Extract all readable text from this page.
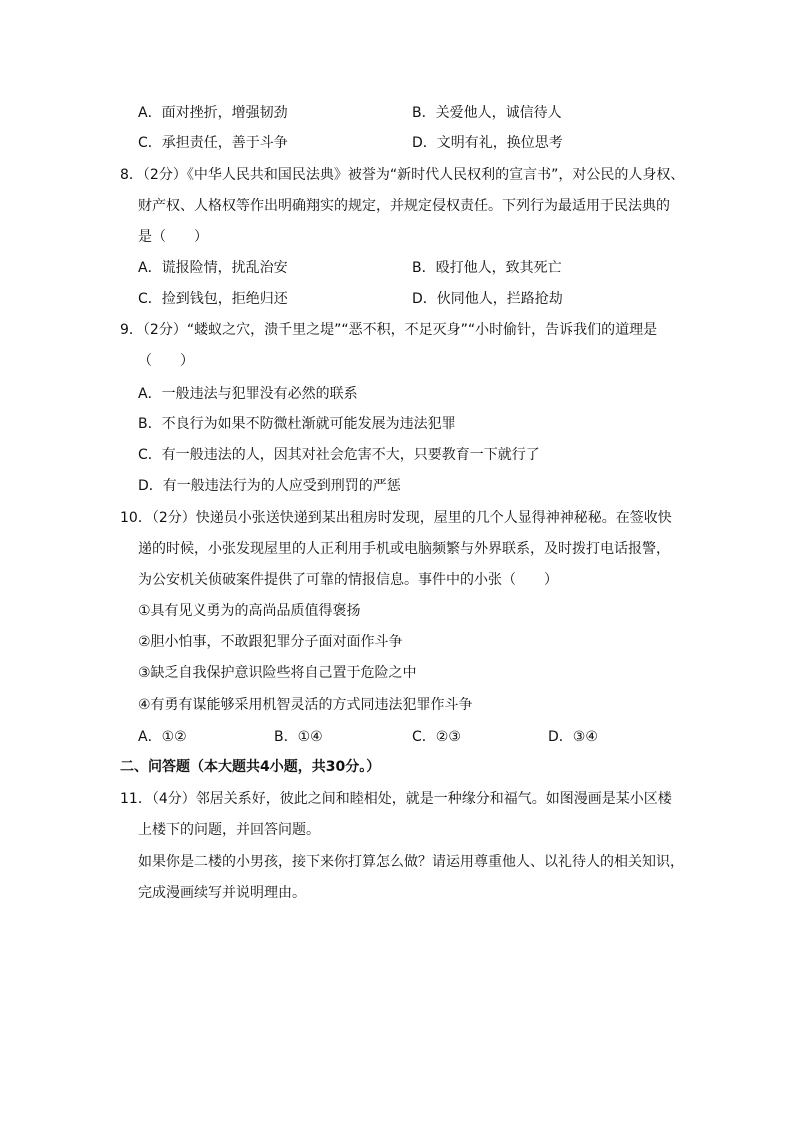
A．面对挫折，增强韧劲	B．关爱他人，诚信待人
C．承担责任，善于斗争	D．文明有礼，换位思考
8．（2分）《中华人民共和国民法典》被誉为“新时代人民权利的宣言书”，对公民的人身权、
财产权、人格权等作出明确翔实的规定，并规定侵权责任。下列行为最适用于民法典的
是（　　）
A．谎报险情，扰乱治安	B．殴打他人，致其死亡
C．捡到钱包，拒绝归还	D．伙同他人，拦路抢劫
9．（2分）“蝼蚁之穴，溃千里之堤”“恶不积，不足灭身”“小时偷针，告诉我们的道理是
（　　）
A．一般违法与犯罪没有必然的联系
B．不良行为如果不防微杜渐就可能发展为违法犯罪
C．有一般违法的人，因其对社会危害不大，只要教育一下就行了
D．有一般违法行为的人应受到刑罚的严惩
10．（2分）快递员小张送快递到某出租房时发现，屋里的几个人显得神神秘秘。在签收快
递的时候，小张发现屋里的人正利用手机或电脑频繁与外界联系，及时拨打电话报警，
为公安机关侦破案件提供了可靠的情报信息。事件中的小张（　　）
①具有见义勇为的高尚品质值得褒扬
②胆小怕事，不敢跟犯罪分子面对面作斗争
③缺乏自我保护意识险些将自己置于危险之中
④有勇有谋能够采用机智灵活的方式同违法犯罪作斗争
A．①②	B．①④	C．②③	D．③④
二、问答题（本大题共4小题，共30分。）
11．（4分）邻居关系好，彼此之间和睦相处，就是一种缘分和福气。如图漫画是某小区楼
上楼下的问题，并回答问题。
如果你是二楼的小男孩，接下来你打算怎么做？请运用尊重他人、以礼待人的相关知识，
完成漫画续写并说明理由。
